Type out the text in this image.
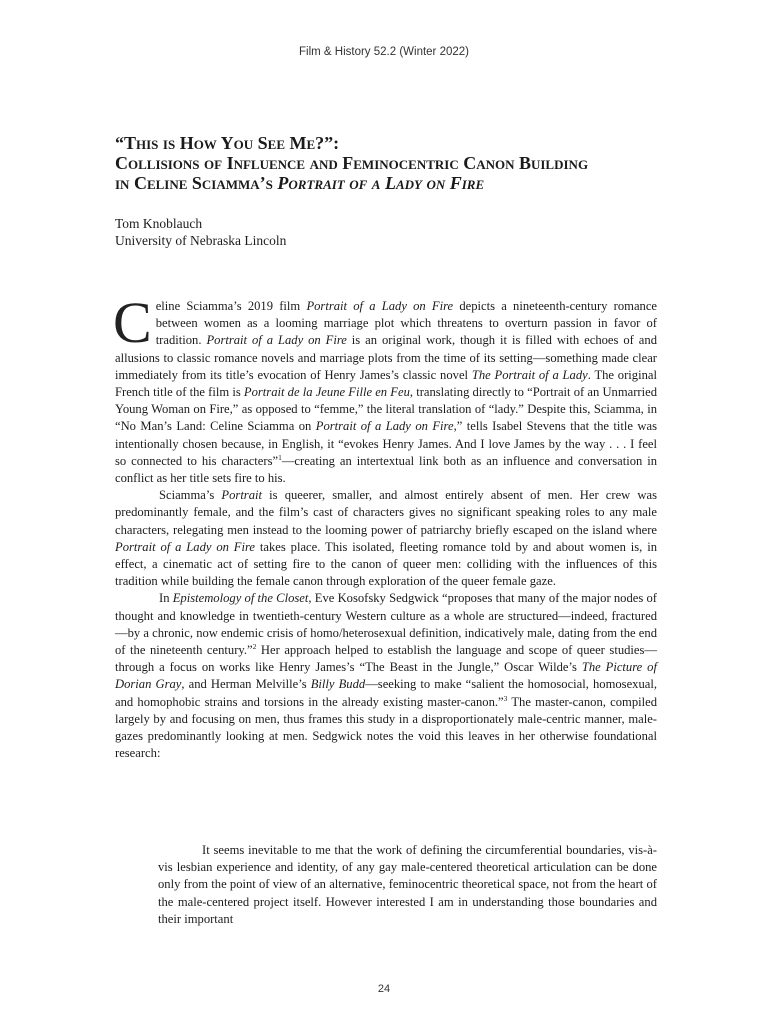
Film & History 52.2 (Winter 2022)
“This is How You See Me?”:
Collisions of Influence and Feminocentric Canon Building
in Celine Sciamma’s Portrait of a Lady on Fire
Tom Knoblauch
University of Nebraska Lincoln

Celine Sciamma’s 2019 film Portrait of a Lady on Fire depicts a nineteenth-century romance between women as a looming marriage plot which threatens to overturn passion in favor of tradition. Portrait of a Lady on Fire is an original work, though it is filled with echoes of and allusions to classic romance novels and marriage plots from the time of its setting—something made clear immediately from its title’s evocation of Henry James’s classic novel The Portrait of a Lady. The original French title of the film is Portrait de la Jeune Fille en Feu, translating directly to “Portrait of an Unmarried Young Woman on Fire,” as opposed to “femme,” the literal translation of “lady.” Despite this, Sciamma, in “No Man’s Land: Celine Sciamma on Portrait of a Lady on Fire,” tells Isabel Stevens that the title was intentionally chosen because, in English, it “evokes Henry James. And I love James by the way . . . I feel so connected to his characters”$^1$—creating an intertextual link both as an influence and conversation in conflict as her title sets fire to his.

Sciamma’s Portrait is queerer, smaller, and almost entirely absent of men. Her crew was predominantly female, and the film’s cast of characters gives no significant speaking roles to any male characters, relegating men instead to the looming power of patriarchy briefly escaped on the island where Portrait of a Lady on Fire takes place. This isolated, fleeting romance told by and about women is, in effect, a cinematic act of setting fire to the canon of queer men: colliding with the influences of this tradition while building the female canon through exploration of the queer female gaze.

In Epistemology of the Closet, Eve Kosofsky Sedgwick “proposes that many of the major nodes of thought and knowledge in twentieth-century Western culture as a whole are structured—indeed, fractured—by a chronic, now endemic crisis of homo/heterosexual definition, indicatively male, dating from the end of the nineteenth century.”$^2$ Her approach helped to establish the language and scope of queer studies—through a focus on works like Henry James’s “The Beast in the Jungle,” Oscar Wilde’s The Picture of Dorian Gray, and Herman Melville’s Billy Budd—seeking to make “salient the homosocial, homosexual, and homophobic strains and torsions in the already existing master-canon.”$^3$ The master-canon, compiled largely by and focusing on men, thus frames this study in a disproportionately male-centric manner, male-gazes predominantly looking at men. Sedgwick notes the void this leaves in her otherwise foundational research:

It seems inevitable to me that the work of defining the circumferential boundaries, vis-à-vis lesbian experience and identity, of any gay male-centered theoretical articulation can be done only from the point of view of an alternative, feminocentric theoretical space, not from the heart of the male-centered project itself. However interested I am in understanding those boundaries and their important
24
